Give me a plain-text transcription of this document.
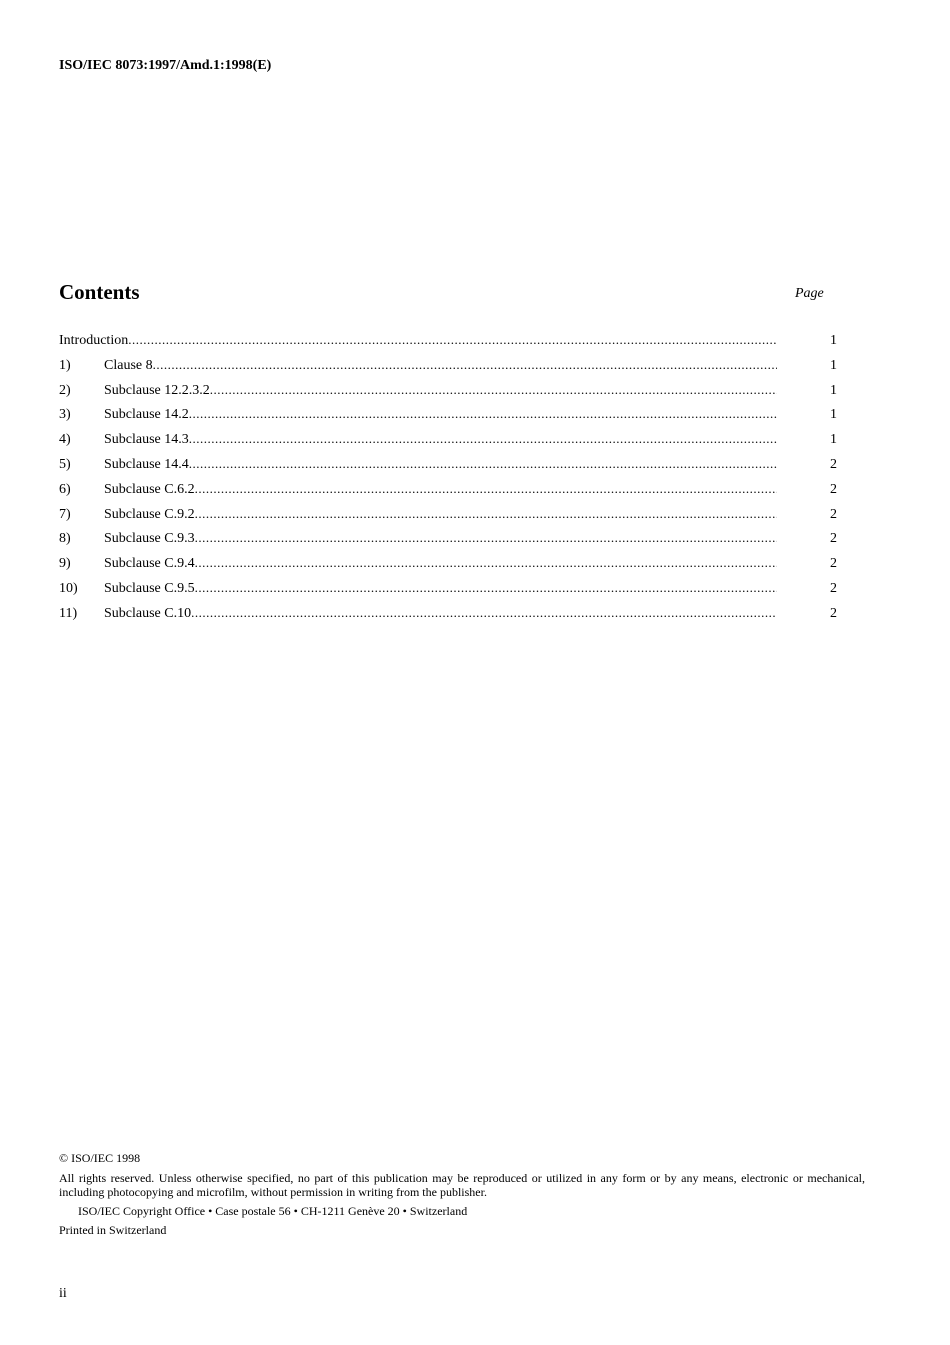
ISO/IEC 8073:1997/Amd.1:1998(E)
Contents	Page
Introduction .....	1
1)	Clause 8 .....	1
2)	Subclause 12.2.3.2 .....	1
3)	Subclause 14.2 .....	1
4)	Subclause 14.3 .....	1
5)	Subclause 14.4 .....	2
6)	Subclause C.6.2 .....	2
7)	Subclause C.9.2 .....	2
8)	Subclause C.9.3 .....	2
9)	Subclause C.9.4 .....	2
10)	Subclause C.9.5 .....	2
11)	Subclause C.10 .....	2
© ISO/IEC 1998
All rights reserved. Unless otherwise specified, no part of this publication may be reproduced or utilized in any form or by any means, electronic or mechanical, including photocopying and microfilm, without permission in writing from the publisher.
ISO/IEC Copyright Office • Case postale 56 • CH-1211 Genève 20 • Switzerland
Printed in Switzerland
ii
